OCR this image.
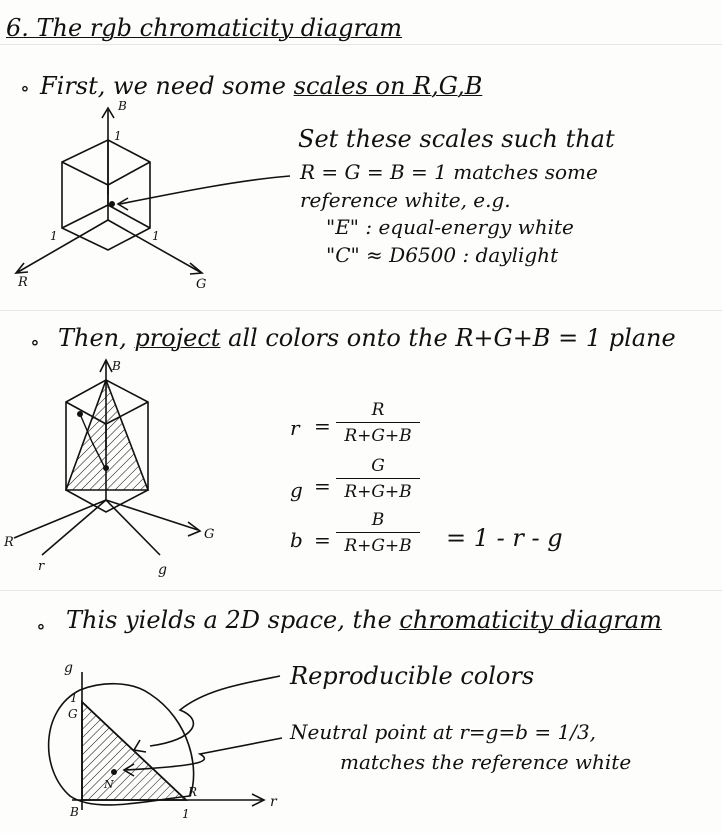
6. The rgb chromaticity diagram
∘ First, we need some scales on R,G,B
B
R	G
1
1	1
Set these scales such that
R = G = B = 1 matches some
reference white, e.g.
"E" : equal-energy white
"C" ≈ D6500 : daylight
∘ Then, project all colors onto the R+G+B = 1 plane
B
R
G
r	g
r =
R
R+G+B
g =
G
R+G+B
b =
B
R+G+B	= 1 - r - g
∘ This yields a 2D space, the chromaticity diagram
g
r
1
1
G
R
B
N
Reproducible colors
Neutral point at r=g=b = 1/3,
matches the reference white
